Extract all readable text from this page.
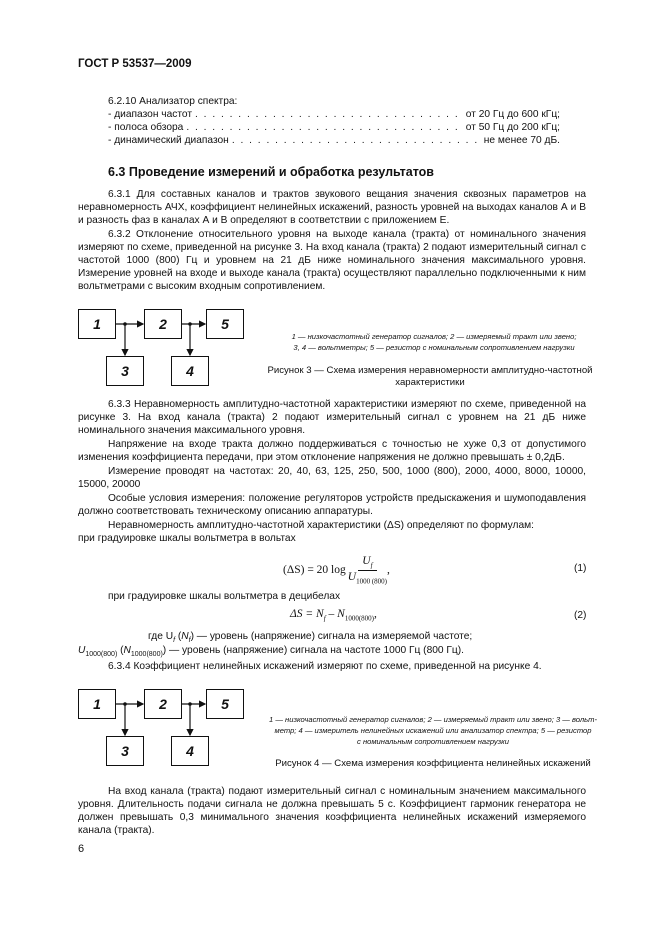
ГОСТ Р 53537—2009
6.2.10 Анализатор спектра:
- диапазон частот . . .	от 20 Гц до 600 кГц;
- полоса обзора . . .	от 50 Гц до 200 кГц;
- динамический диапазон . . .	не менее 70 дБ.
6.3 Проведение измерений и обработка результатов
6.3.1 Для составных каналов и трактов звукового вещания значения сквозных параметров на неравномерность АЧХ, коэффициент нелинейных искажений, разность уровней на выходах каналов А и В и разность фаз в каналах А и В определяют в соответствии с приложением Е.
6.3.2 Отклонение относительного уровня на выходе канала (тракта) от номинального значения измеряют по схеме, приведенной на рисунке 3. На вход канала (тракта) 2 подают измерительный сигнал с частотой 1000 (800) Гц и уровнем на 21 дБ ниже номинального значения максимального уровня. Измерение уровней на входе и выходе канала (тракта) осуществляют параллельно подключенными к ним вольтметрами с высоким входным сопротивлением.
1	2	5
3	4
1 — низкочастотный генератор сигналов; 2 — измеряемый тракт или звено;
3, 4 — вольтметры; 5 — резистор с номинальным сопротивлением нагрузки
Рисунок 3 — Схема измерения неравномерности амплитудно-частотной характеристики
6.3.3 Неравномерность амплитудно-частотной характеристики измеряют по схеме, приведенной на рисунке 3. На вход канала (тракта) 2 подают измерительный сигнал с уровнем на 21 дБ ниже номинального значения максимального уровня.
Напряжение на входе тракта должно поддерживаться с точностью не хуже 0,3 от допустимого изменения коэффициента передачи, при этом отклонение напряжения не должно превышать ± 0,2дБ.
Измерение проводят на частотах: 20, 40, 63, 125, 250, 500, 1000 (800), 2000, 4000, 8000, 10000, 15000, 20000
Особые условия измерения: положение регуляторов устройств предыскажения и шумоподавления должно соответствовать техническому описанию аппаратуры.
Неравномерность амплитудно-частотной характеристики (ΔS) определяют по формулам:
при градуировке шкалы вольтметра в вольтах
(ΔS) = 20 log
$U_f$
$U_{1000 (800)}$
,	(1)
при градуировке шкалы вольтметра в децибелах
$\Delta S = N_f - N_{1000(800)}$,	(2)
где $U_f$ $(N_f)$ — уровень (напряжение) сигнала на измеряемой частоте;
$U_{1000(800)}$ $(N_{1000(800)})$ — уровень (напряжение) сигнала на частоте 1000 Гц (800 Гц).
6.3.4 Коэффициент нелинейных искажений измеряют по схеме, приведенной на рисунке 4.
1	2	5
3	4
1 — низкочастотный генератор сигналов; 2 — измеряемый тракт или звено; 3 — вольт-
метр; 4 — измеритель нелинейных искажений или анализатор спектра; 5 — резистор
с номинальным сопротивлением нагрузки
Рисунок 4 — Схема измерения коэффициента нелинейных искажений
На вход канала (тракта) подают измерительный сигнал с номинальным значением максимального уровня. Длительность подачи сигнала не должна превышать 5 с. Коэффициент гармоник генератора не должен превышать 0,3 минимального значения коэффициента нелинейных искажений измеряемого канала (тракта).
6
